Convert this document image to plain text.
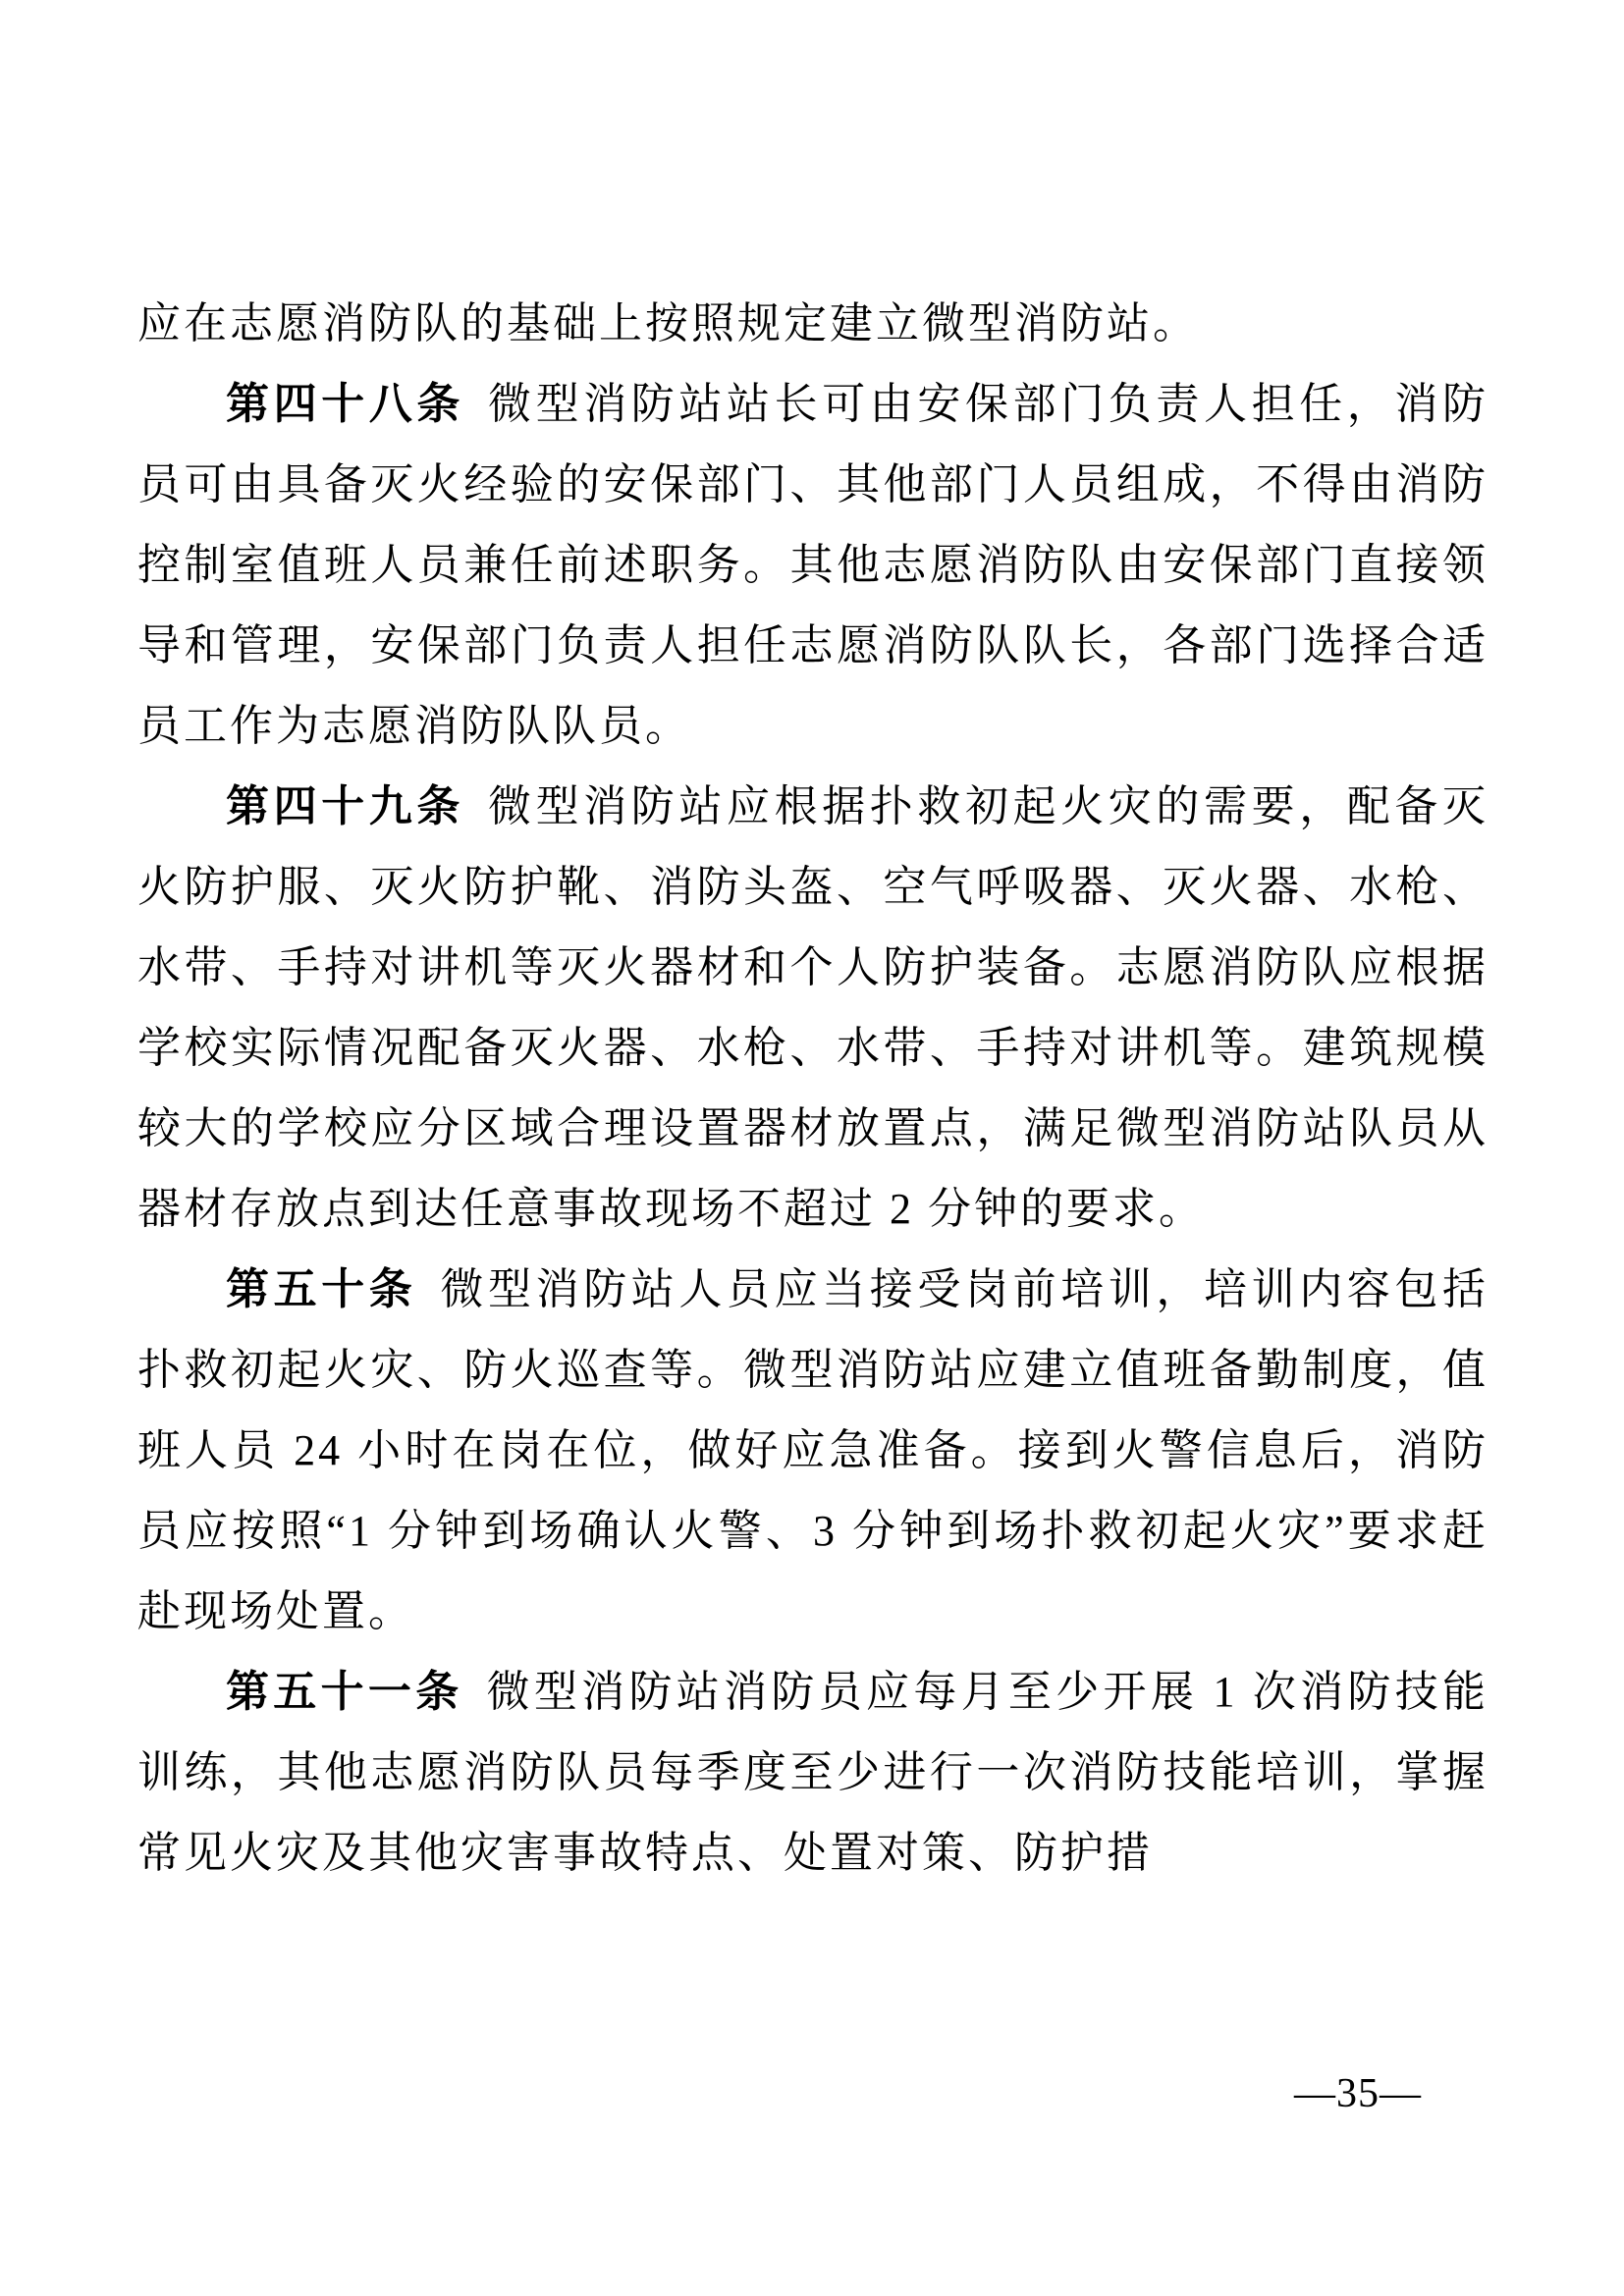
应在志愿消防队的基础上按照规定建立微型消防站。

第四十八条 微型消防站站长可由安保部门负责人担任，消防员可由具备灭火经验的安保部门、其他部门人员组成，不得由消防控制室值班人员兼任前述职务。其他志愿消防队由安保部门直接领导和管理，安保部门负责人担任志愿消防队队长，各部门选择合适员工作为志愿消防队队员。

第四十九条 微型消防站应根据扑救初起火灾的需要，配备灭火防护服、灭火防护靴、消防头盔、空气呼吸器、灭火器、水枪、水带、手持对讲机等灭火器材和个人防护装备。志愿消防队应根据学校实际情况配备灭火器、水枪、水带、手持对讲机等。建筑规模较大的学校应分区域合理设置器材放置点，满足微型消防站队员从器材存放点到达任意事故现场不超过 2 分钟的要求。

第五十条 微型消防站人员应当接受岗前培训，培训内容包括扑救初起火灾、防火巡查等。微型消防站应建立值班备勤制度，值班人员 24 小时在岗在位，做好应急准备。接到火警信息后，消防员应按照“1 分钟到场确认火警、3 分钟到场扑救初起火灾”要求赶赴现场处置。

第五十一条 微型消防站消防员应每月至少开展 1 次消防技能训练，其他志愿消防队员每季度至少进行一次消防技能培训，掌握常见火灾及其他灾害事故特点、处置对策、防护措

—35—
